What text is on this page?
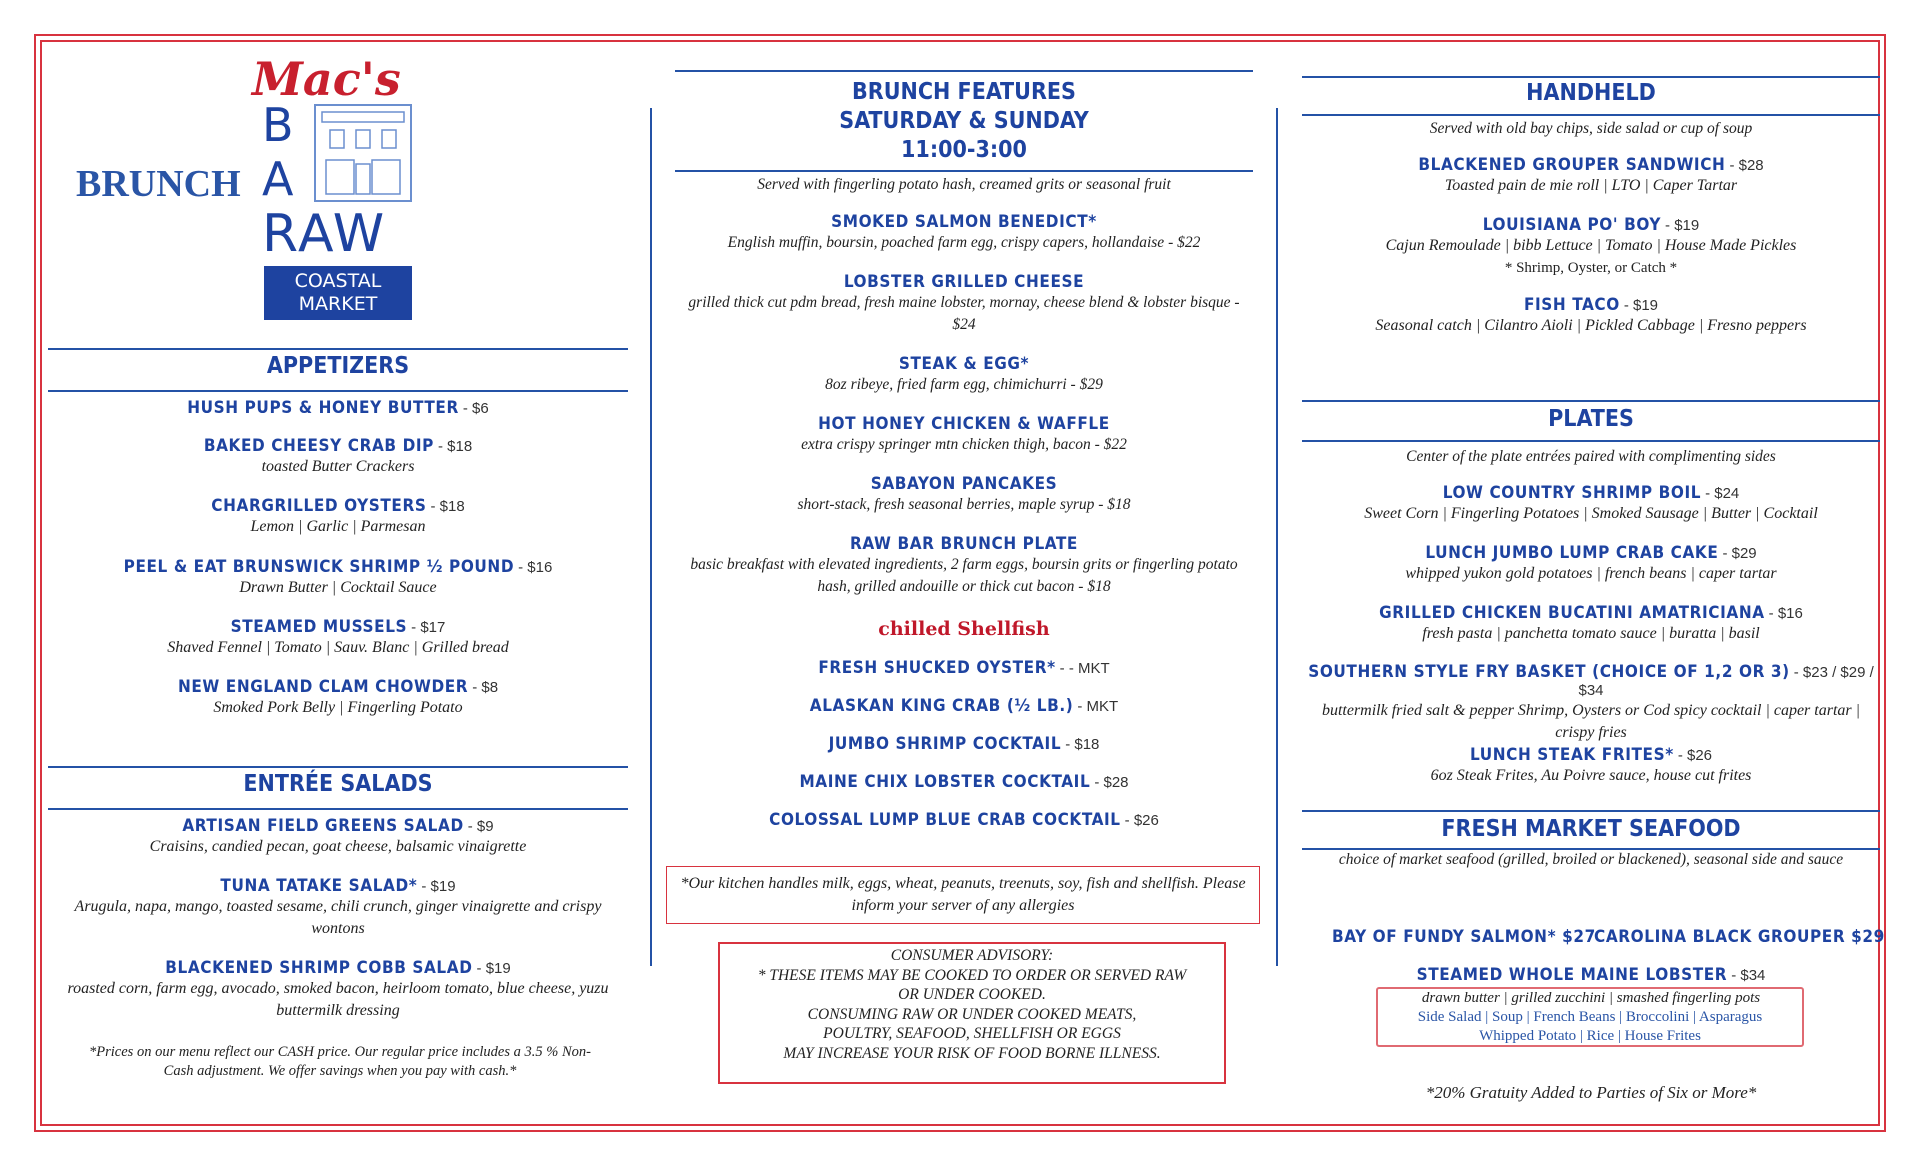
BRUNCH
Mac's
B
A
RAW
COASTAL MARKET
APPETIZERS
HUSH PUPS & HONEY BUTTER - $6
BAKED CHEESY CRAB DIP - $18
toasted Butter Crackers
CHARGRILLED OYSTERS - $18
Lemon | Garlic | Parmesan
PEEL & EAT BRUNSWICK SHRIMP ½ POUND - $16
Drawn Butter | Cocktail Sauce
STEAMED MUSSELS - $17
Shaved Fennel | Tomato | Sauv. Blanc | Grilled bread
NEW ENGLAND CLAM CHOWDER - $8
Smoked Pork Belly | Fingerling Potato
ENTRÉE SALADS
ARTISAN FIELD GREENS SALAD - $9
Craisins, candied pecan, goat cheese, balsamic vinaigrette
TUNA TATAKE SALAD* - $19
Arugula, napa, mango, toasted sesame, chili crunch, ginger vinaigrette and crispy wontons
BLACKENED SHRIMP COBB SALAD - $19
roasted corn, farm egg, avocado, smoked bacon, heirloom tomato, blue cheese, yuzu buttermilk dressing
*Prices on our menu reflect our CASH price. Our regular price includes a 3.5 % Non-Cash adjustment. We offer savings when you pay with cash.*
BRUNCH FEATURES
SATURDAY & SUNDAY
11:00-3:00
Served with fingerling potato hash, creamed grits or seasonal fruit
SMOKED SALMON BENEDICT*
English muffin, boursin, poached farm egg, crispy capers, hollandaise - $22
LOBSTER GRILLED CHEESE
grilled thick cut pdm bread, fresh maine lobster, mornay, cheese blend & lobster bisque - $24
STEAK & EGG*
8oz ribeye, fried farm egg, chimichurri - $29
HOT HONEY CHICKEN & WAFFLE
extra crispy springer mtn chicken thigh, bacon - $22
SABAYON PANCAKES
short-stack, fresh seasonal berries, maple syrup - $18
RAW BAR BRUNCH PLATE
basic breakfast with elevated ingredients, 2 farm eggs, boursin grits or fingerling potato hash, grilled andouille or thick cut bacon - $18
chilled Shellfish
FRESH SHUCKED OYSTER* - - MKT
ALASKAN KING CRAB (½ LB.) - MKT
JUMBO SHRIMP COCKTAIL - $18
MAINE CHIX LOBSTER COCKTAIL - $28
COLOSSAL LUMP BLUE CRAB COCKTAIL - $26
*Our kitchen handles milk, eggs, wheat, peanuts, treenuts, soy, fish and shellfish. Please inform your server of any allergies
CONSUMER ADVISORY:
* THESE ITEMS MAY BE COOKED TO ORDER OR SERVED RAW
OR UNDER COOKED.
CONSUMING RAW OR UNDER COOKED MEATS,
POULTRY, SEAFOOD, SHELLFISH OR EGGS
MAY INCREASE YOUR RISK OF FOOD BORNE ILLNESS.
HANDHELD
Served with old bay chips, side salad or cup of soup
BLACKENED GROUPER SANDWICH - $28
Toasted pain de mie roll | LTO | Caper Tartar
LOUISIANA PO' BOY - $19
Cajun Remoulade | bibb Lettuce | Tomato | House Made Pickles
* Shrimp, Oyster, or Catch *
FISH TACO - $19
Seasonal catch | Cilantro Aioli | Pickled Cabbage | Fresno peppers
PLATES
Center of the plate entrées paired with complimenting sides
LOW COUNTRY SHRIMP BOIL - $24
Sweet Corn | Fingerling Potatoes | Smoked Sausage | Butter | Cocktail
LUNCH JUMBO LUMP CRAB CAKE - $29
whipped yukon gold potatoes | french beans | caper tartar
GRILLED CHICKEN BUCATINI AMATRICIANA - $16
fresh pasta | panchetta tomato sauce | buratta | basil
SOUTHERN STYLE FRY BASKET (CHOICE OF 1,2 OR 3) - $23 / $29 / $34
buttermilk fried salt & pepper Shrimp, Oysters or Cod spicy cocktail | caper tartar | crispy fries
LUNCH STEAK FRITES* - $26
6oz Steak Frites, Au Poivre sauce, house cut frites
FRESH MARKET SEAFOOD
choice of market seafood (grilled, broiled or blackened), seasonal side and sauce
BAY OF FUNDY SALMON* $27
CAROLINA BLACK GROUPER $29
STEAMED WHOLE MAINE LOBSTER - $34
drawn butter | grilled zucchini | smashed fingerling pots
Side Salad | Soup | French Beans | Broccolini | Asparagus
Whipped Potato | Rice | House Frites
*20% Gratuity Added to Parties of Six or More*
